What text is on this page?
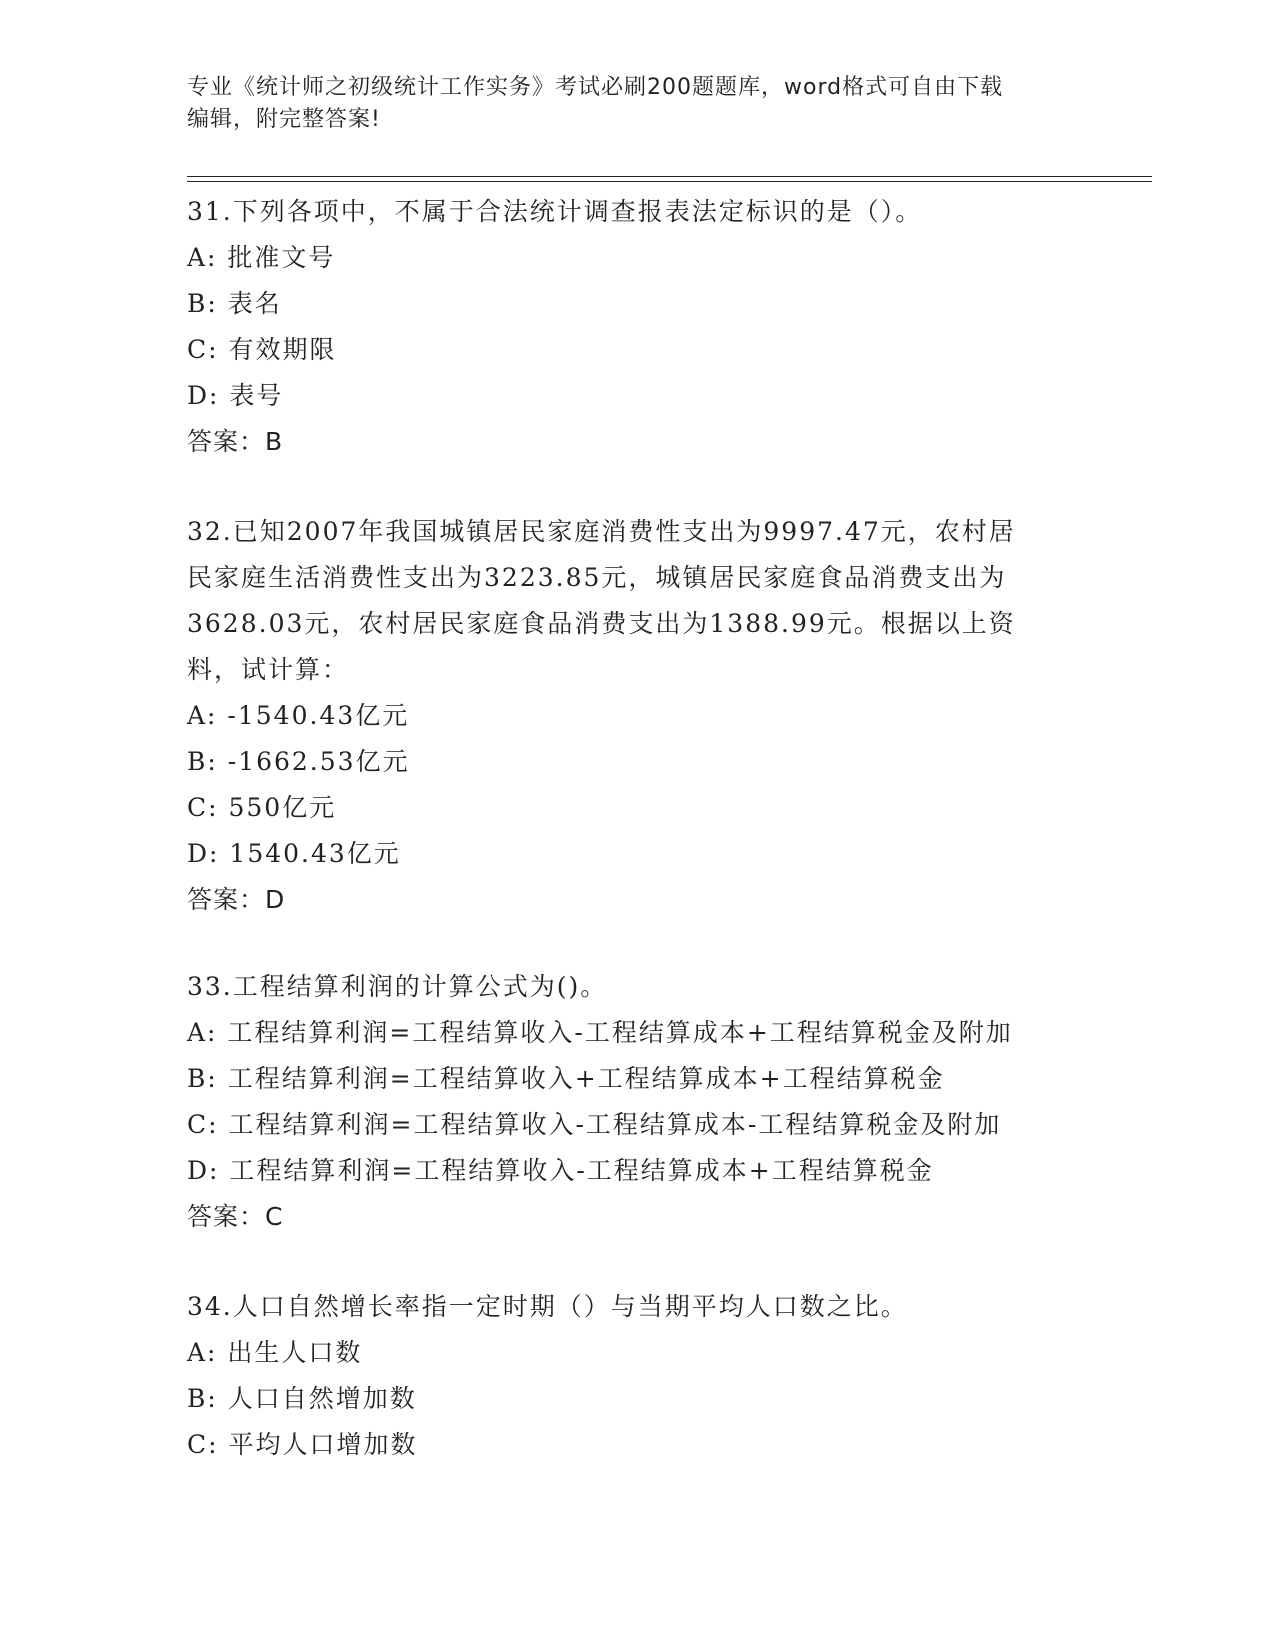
专业《统计师之初级统计工作实务》考试必刷200题题库，word格式可自由下载
编辑，附完整答案!
31.下列各项中，不属于合法统计调查报表法定标识的是（）。
A: 批准文号
B: 表名
C: 有效期限
D: 表号
答案：B
32.已知2007年我国城镇居民家庭消费性支出为9997.47元，农村居
民家庭生活消费性支出为3223.85元，城镇居民家庭食品消费支出为
3628.03元，农村居民家庭食品消费支出为1388.99元。根据以上资
料，试计算：
A: -1540.43亿元
B: -1662.53亿元
C: 550亿元
D: 1540.43亿元
答案：D
33.工程结算利润的计算公式为()。
A: 工程结算利润=工程结算收入-工程结算成本+工程结算税金及附加
B: 工程结算利润=工程结算收入+工程结算成本+工程结算税金
C: 工程结算利润=工程结算收入-工程结算成本-工程结算税金及附加
D: 工程结算利润=工程结算收入-工程结算成本+工程结算税金
答案：C
34.人口自然增长率指一定时期（）与当期平均人口数之比。
A: 出生人口数
B: 人口自然增加数
C: 平均人口增加数
